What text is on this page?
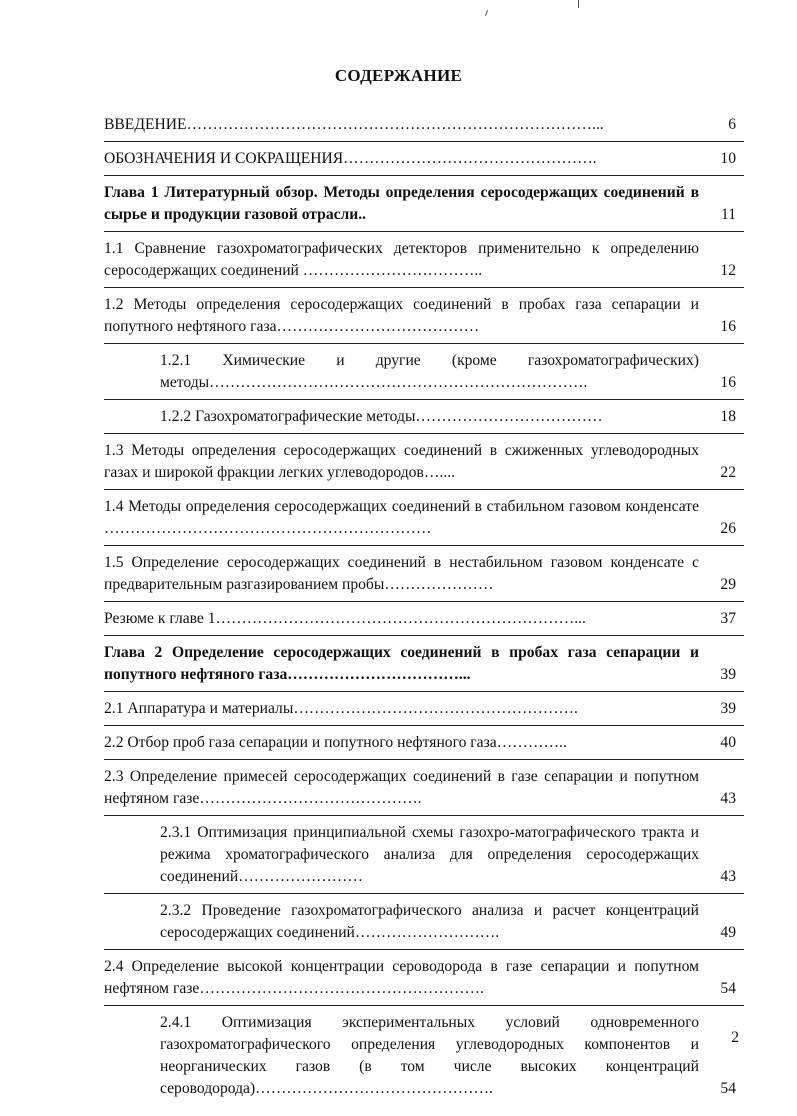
СОДЕРЖАНИЕ
ВВЕДЕНИЕ……………………………………………………………………...	6
ОБОЗНАЧЕНИЯ И СОКРАЩЕНИЯ………………………………………….	10
Глава 1 Литературный обзор. Методы определения серосодержащих соединений в сырье и продукции газовой отрасли..	11
1.1 Сравнение газохроматографических детекторов применительно к определению серосодержащих соединений ……………………………..	12
1.2 Методы определения серосодержащих соединений в пробах газа сепарации и попутного нефтяного газа…………………………………	16
1.2.1 Химические и другие (кроме газохроматографических) методы……………………………………………………………….	16
1.2.2 Газохроматографические методы………………………………	18
1.3 Методы определения серосодержащих соединений в сжиженных углеводородных газах и широкой фракции легких углеводородов…....	22
1.4 Методы определения серосодержащих соединений в стабильном газовом конденсате ………………………………………………………	26
1.5 Определение серосодержащих соединений в нестабильном газовом конденсате с предварительным разгазированием пробы…………………	29
Резюме к главе 1……………………………………………………………...	37
Глава 2 Определение серосодержащих соединений в пробах газа сепарации и попутного нефтяного газа……………………………...	39
2.1 Аппаратура и материалы……………………………………………….	39
2.2 Отбор проб газа сепарации и попутного нефтяного газа…………..	40
2.3 Определение примесей серосодержащих соединений в газе сепарации и попутном нефтяном газе…………………………………….	43
2.3.1 Оптимизация принципиальной схемы газохро-матографического тракта и режима хроматографического анализа для определения серосодержащих соединений……………………	43
2.3.2 Проведение газохроматографического анализа и расчет концентраций серосодержащих соединений……………………….	49
2.4 Определение высокой концентрации сероводорода в газе сепарации и попутном нефтяном газе……………………………………………….	54
2.4.1 Оптимизация экспериментальных условий одновременного газохроматографического определения углеводородных компонентов и неорганических газов (в том числе высоких концентраций сероводорода)……………………………………….	54
2
